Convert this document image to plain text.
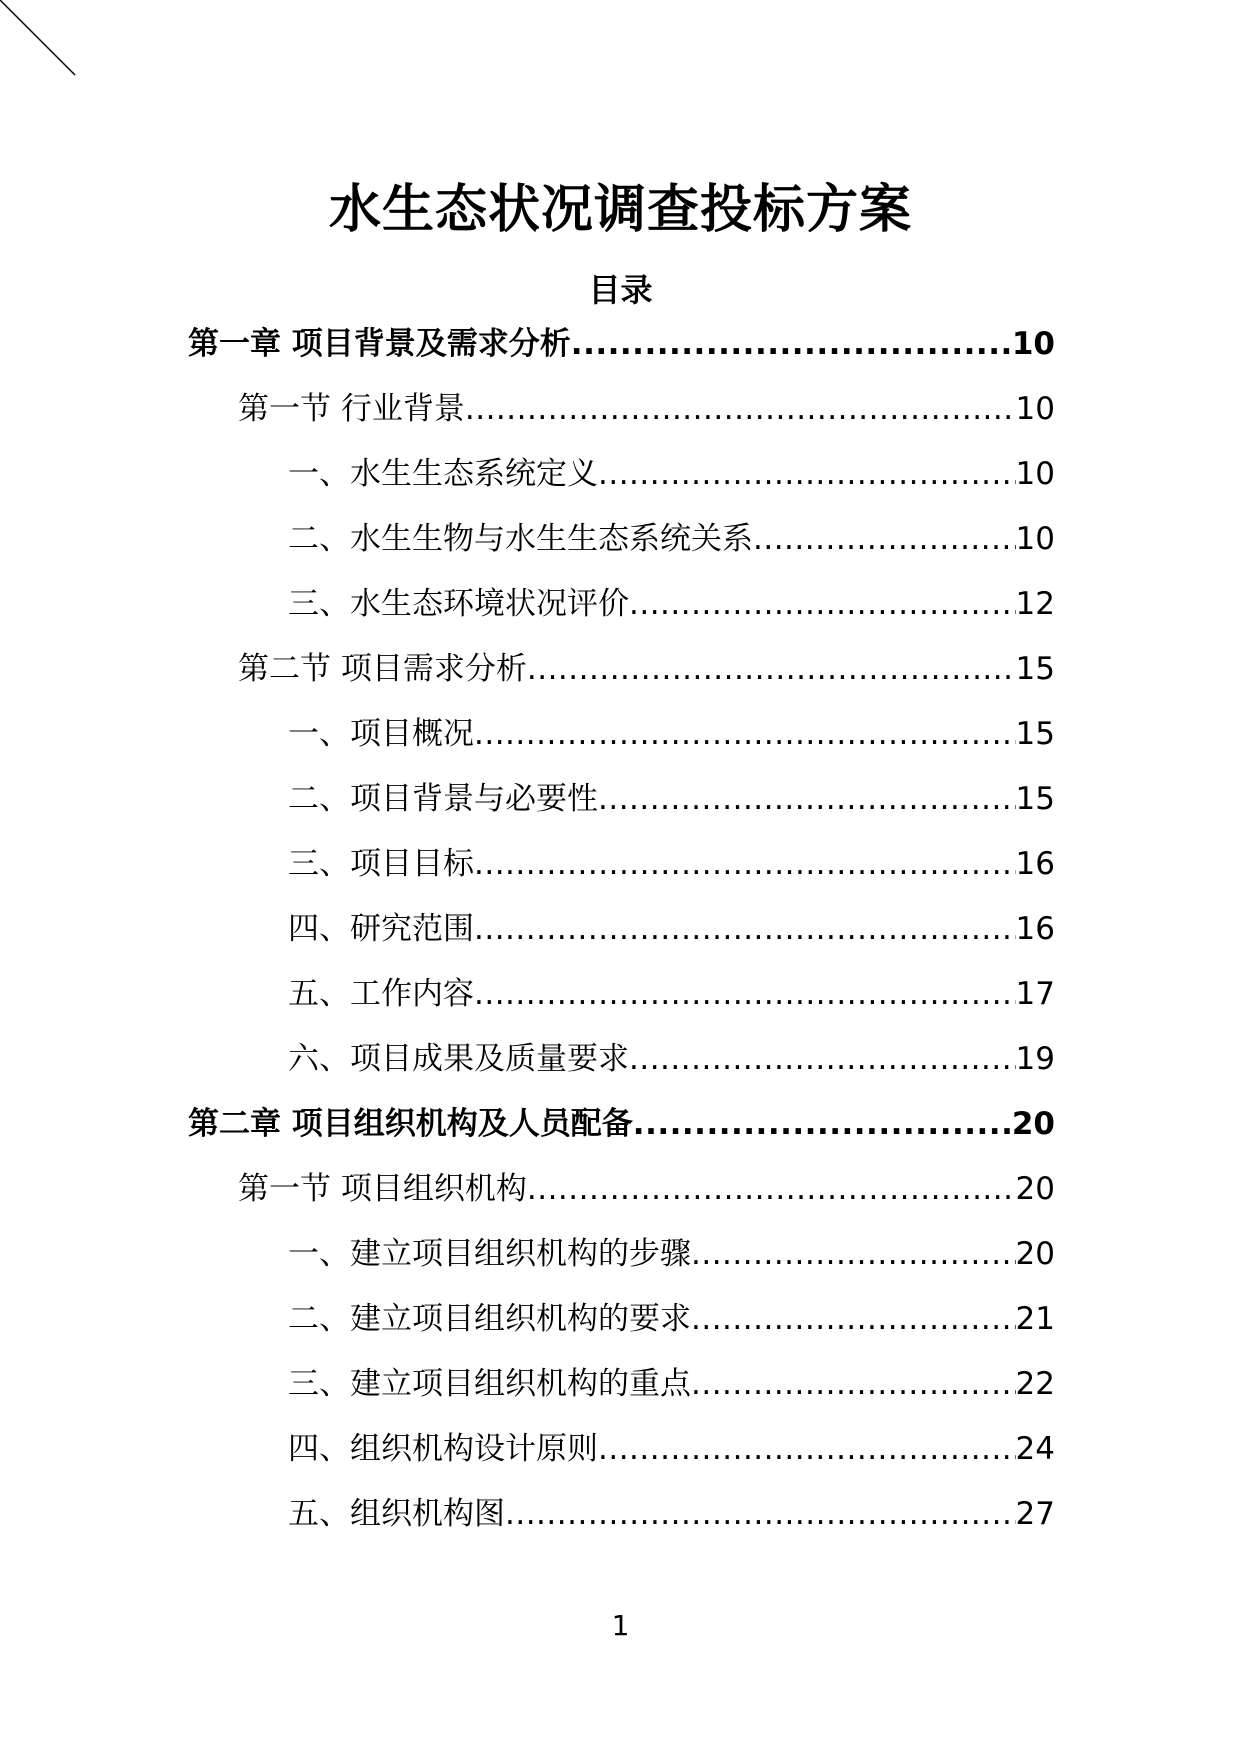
水生态状况调查投标方案
目录
第一章 项目背景及需求分析 .....	10
第一节 行业背景 .....	10
一、水生生态系统定义 .....	10
二、水生生物与水生生态系统关系 .....	10
三、水生态环境状况评价 .....	12
第二节 项目需求分析 .....	15
一、项目概况 .....	15
二、项目背景与必要性 .....	15
三、项目目标 .....	16
四、研究范围 .....	16
五、工作内容 .....	17
六、项目成果及质量要求 .....	19
第二章 项目组织机构及人员配备 .....	20
第一节 项目组织机构 .....	20
一、建立项目组织机构的步骤 .....	20
二、建立项目组织机构的要求 .....	21
三、建立项目组织机构的重点 .....	22
四、组织机构设计原则 .....	24
五、组织机构图 .....	27
1
